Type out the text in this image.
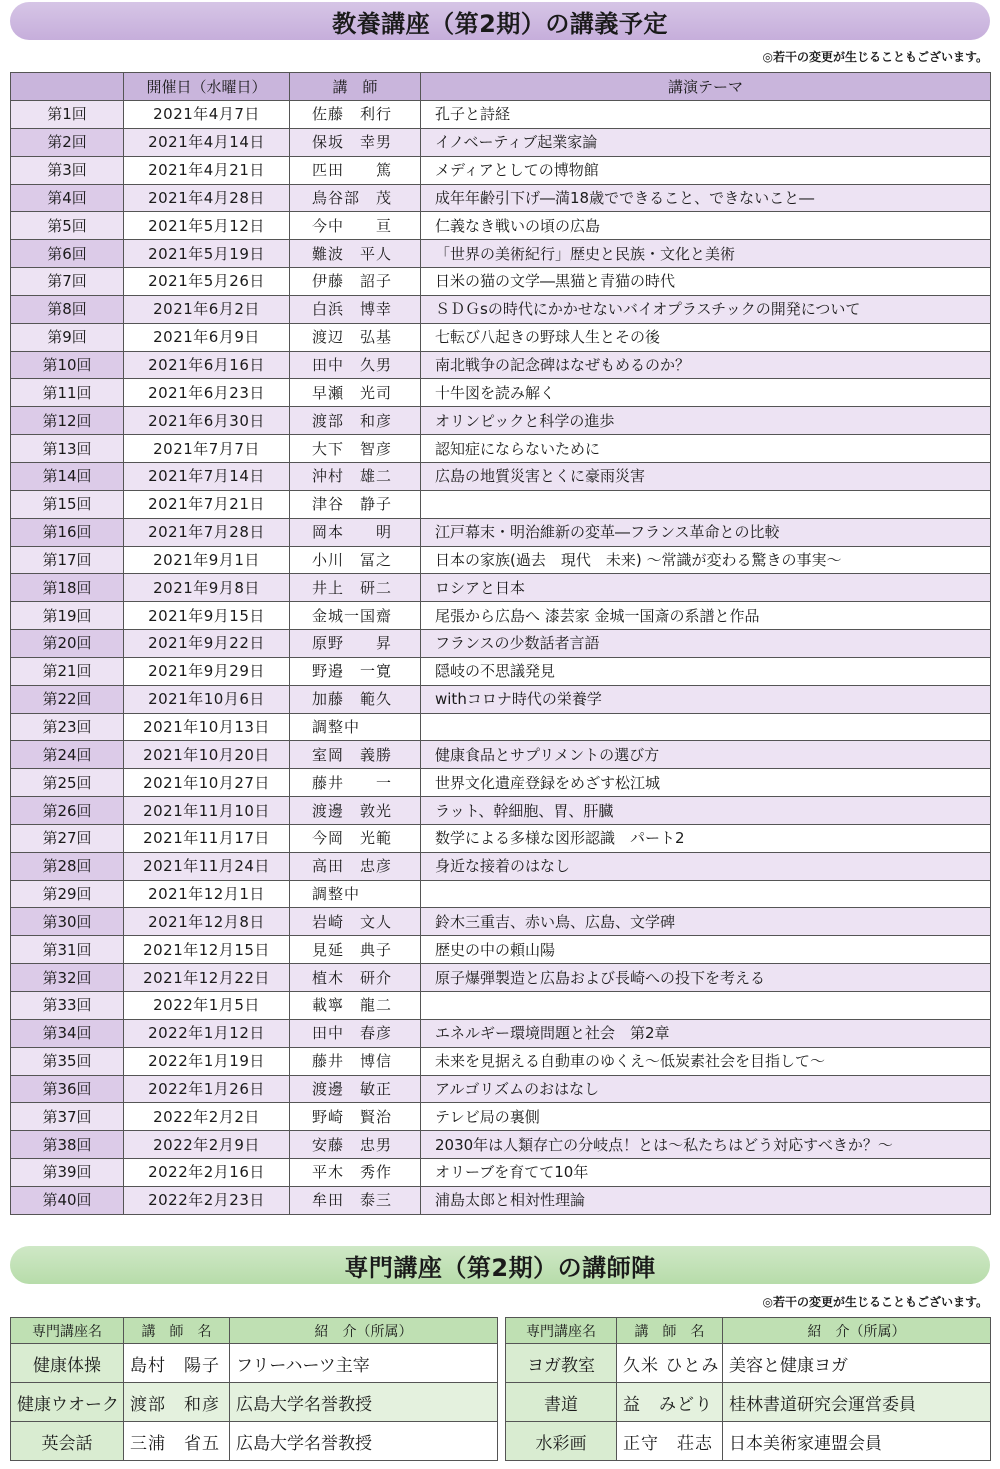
教養講座（第2期）の講義予定
◎若干の変更が生じることもございます。
	開催日（水曜日）	講　師	講演テーマ
第1回	2021年4月7日	佐藤　利行	孔子と詩経
第2回	2021年4月14日	保坂　幸男	イノベーティブ起業家論
第3回	2021年4月21日	匹田　　篤	メディアとしての博物館
第4回	2021年4月28日	鳥谷部　茂	成年年齢引下げ―満18歳でできること、できないこと―
第5回	2021年5月12日	今中　　亘	仁義なき戦いの頃の広島
第6回	2021年5月19日	難波　平人	「世界の美術紀行」歴史と民族・文化と美術
第7回	2021年5月26日	伊藤　詔子	日米の猫の文学―黒猫と青猫の時代
第8回	2021年6月2日	白浜　博幸	ＳＤＧsの時代にかかせないバイオプラスチックの開発について
第9回	2021年6月9日	渡辺　弘基	七転び八起きの野球人生とその後
第10回	2021年6月16日	田中　久男	南北戦争の記念碑はなぜもめるのか？
第11回	2021年6月23日	早瀬　光司	十牛図を読み解く
第12回	2021年6月30日	渡部　和彦	オリンピックと科学の進歩
第13回	2021年7月7日	大下　智彦	認知症にならないために
第14回	2021年7月14日	沖村　雄二	広島の地質災害とくに豪雨災害
第15回	2021年7月21日	津谷　静子	
第16回	2021年7月28日	岡本　　明	江戸幕末・明治維新の変革―フランス革命との比較
第17回	2021年9月1日	小川　冨之	日本の家族(過去　現代　未来) ～常識が変わる驚きの事実～
第18回	2021年9月8日	井上　研二	ロシアと日本
第19回	2021年9月15日	金城一国齋	尾張から広島へ 漆芸家 金城一国斎の系譜と作品
第20回	2021年9月22日	原野　　昇	フランスの少数話者言語
第21回	2021年9月29日	野邉　一寛	隠岐の不思議発見
第22回	2021年10月6日	加藤　範久	withコロナ時代の栄養学
第23回	2021年10月13日	調整中	
第24回	2021年10月20日	室岡　義勝	健康食品とサプリメントの選び方
第25回	2021年10月27日	藤井　　一	世界文化遺産登録をめざす松江城
第26回	2021年11月10日	渡邊　敦光	ラット、幹細胞、胃、肝臓
第27回	2021年11月17日	今岡　光範	数学による多様な図形認識　パート2
第28回	2021年11月24日	高田　忠彦	身近な接着のはなし
第29回	2021年12月1日	調整中	
第30回	2021年12月8日	岩崎　文人	鈴木三重吉、赤い鳥、広島、文学碑
第31回	2021年12月15日	見延　典子	歴史の中の頼山陽
第32回	2021年12月22日	植木　研介	原子爆弾製造と広島および長崎への投下を考える
第33回	2022年1月5日	載寧　龍二	
第34回	2022年1月12日	田中　春彦	エネルギー環境問題と社会　第2章
第35回	2022年1月19日	藤井　博信	未来を見据える自動車のゆくえ～低炭素社会を目指して～
第36回	2022年1月26日	渡邊　敏正	アルゴリズムのおはなし
第37回	2022年2月2日	野崎　賢治	テレビ局の裏側
第38回	2022年2月9日	安藤　忠男	2030年は人類存亡の分岐点！とは～私たちはどう対応すべきか？～
第39回	2022年2月16日	平木　秀作	オリーブを育てて10年
第40回	2022年2月23日	牟田　泰三	浦島太郎と相対性理論
専門講座（第2期）の講師陣
◎若干の変更が生じることもございます。
専門講座名	講　師　名	紹　介（所属）		専門講座名	講　師　名	紹　介（所属）
健康体操	島村　陽子	フリーハーツ主宰		ヨガ教室	久米 ひとみ	美容と健康ヨガ
健康ウオーク	渡部　和彦	広島大学名誉教授		書道	益　みどり	桂林書道研究会運営委員
英会話	三浦　省五	広島大学名誉教授		水彩画	正守　荘志	日本美術家連盟会員
